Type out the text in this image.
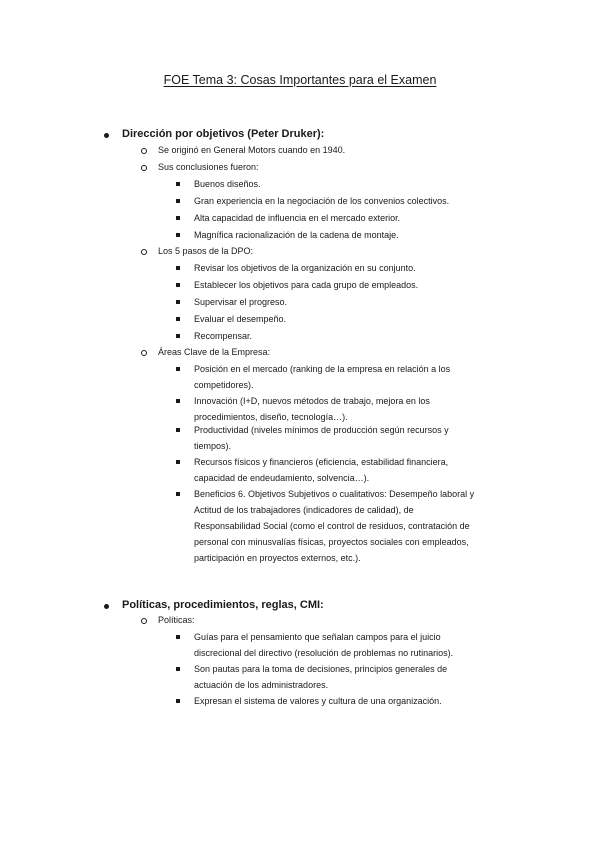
FOE Tema 3: Cosas Importantes para el Examen
Dirección por objetivos (Peter Druker):
Se originó en General Motors cuando en 1940.
Sus conclusiones fueron:
Buenos diseños.
Gran experiencia en la negociación de los convenios colectivos.
Alta capacidad de influencia en el mercado exterior.
Magnífica racionalización de la cadena de montaje.
Los 5 pasos de la DPO:
Revisar los objetivos de la organización en su conjunto.
Establecer los objetivos para cada grupo de empleados.
Supervisar el progreso.
Evaluar el desempeño.
Recompensar.
Áreas Clave de la Empresa:
Posición en el mercado (ranking de la empresa en relación a los
competidores).
Innovación (I+D, nuevos métodos de trabajo, mejora en los
procedimientos, diseño, tecnología…).
Productividad (niveles mínimos de producción según recursos y
tiempos).
Recursos físicos y financieros (eficiencia, estabilidad financiera,
capacidad de endeudamiento, solvencia…).
Beneficios 6. Objetivos Subjetivos o cualitativos: Desempeño laboral y
Actitud de los trabajadores (indicadores de calidad), de
Responsabilidad Social (como el control de residuos, contratación de
personal con minusvalías físicas, proyectos sociales con empleados,
participación en proyectos externos, etc.).
Políticas, procedimientos, reglas, CMI:
Políticas:
Guías para el pensamiento que señalan campos para el juicio
discrecional del directivo (resolución de problemas no rutinarios).
Son pautas para la toma de decisiones, principios generales de
actuación de los administradores.
Expresan el sistema de valores y cultura de una organización.
